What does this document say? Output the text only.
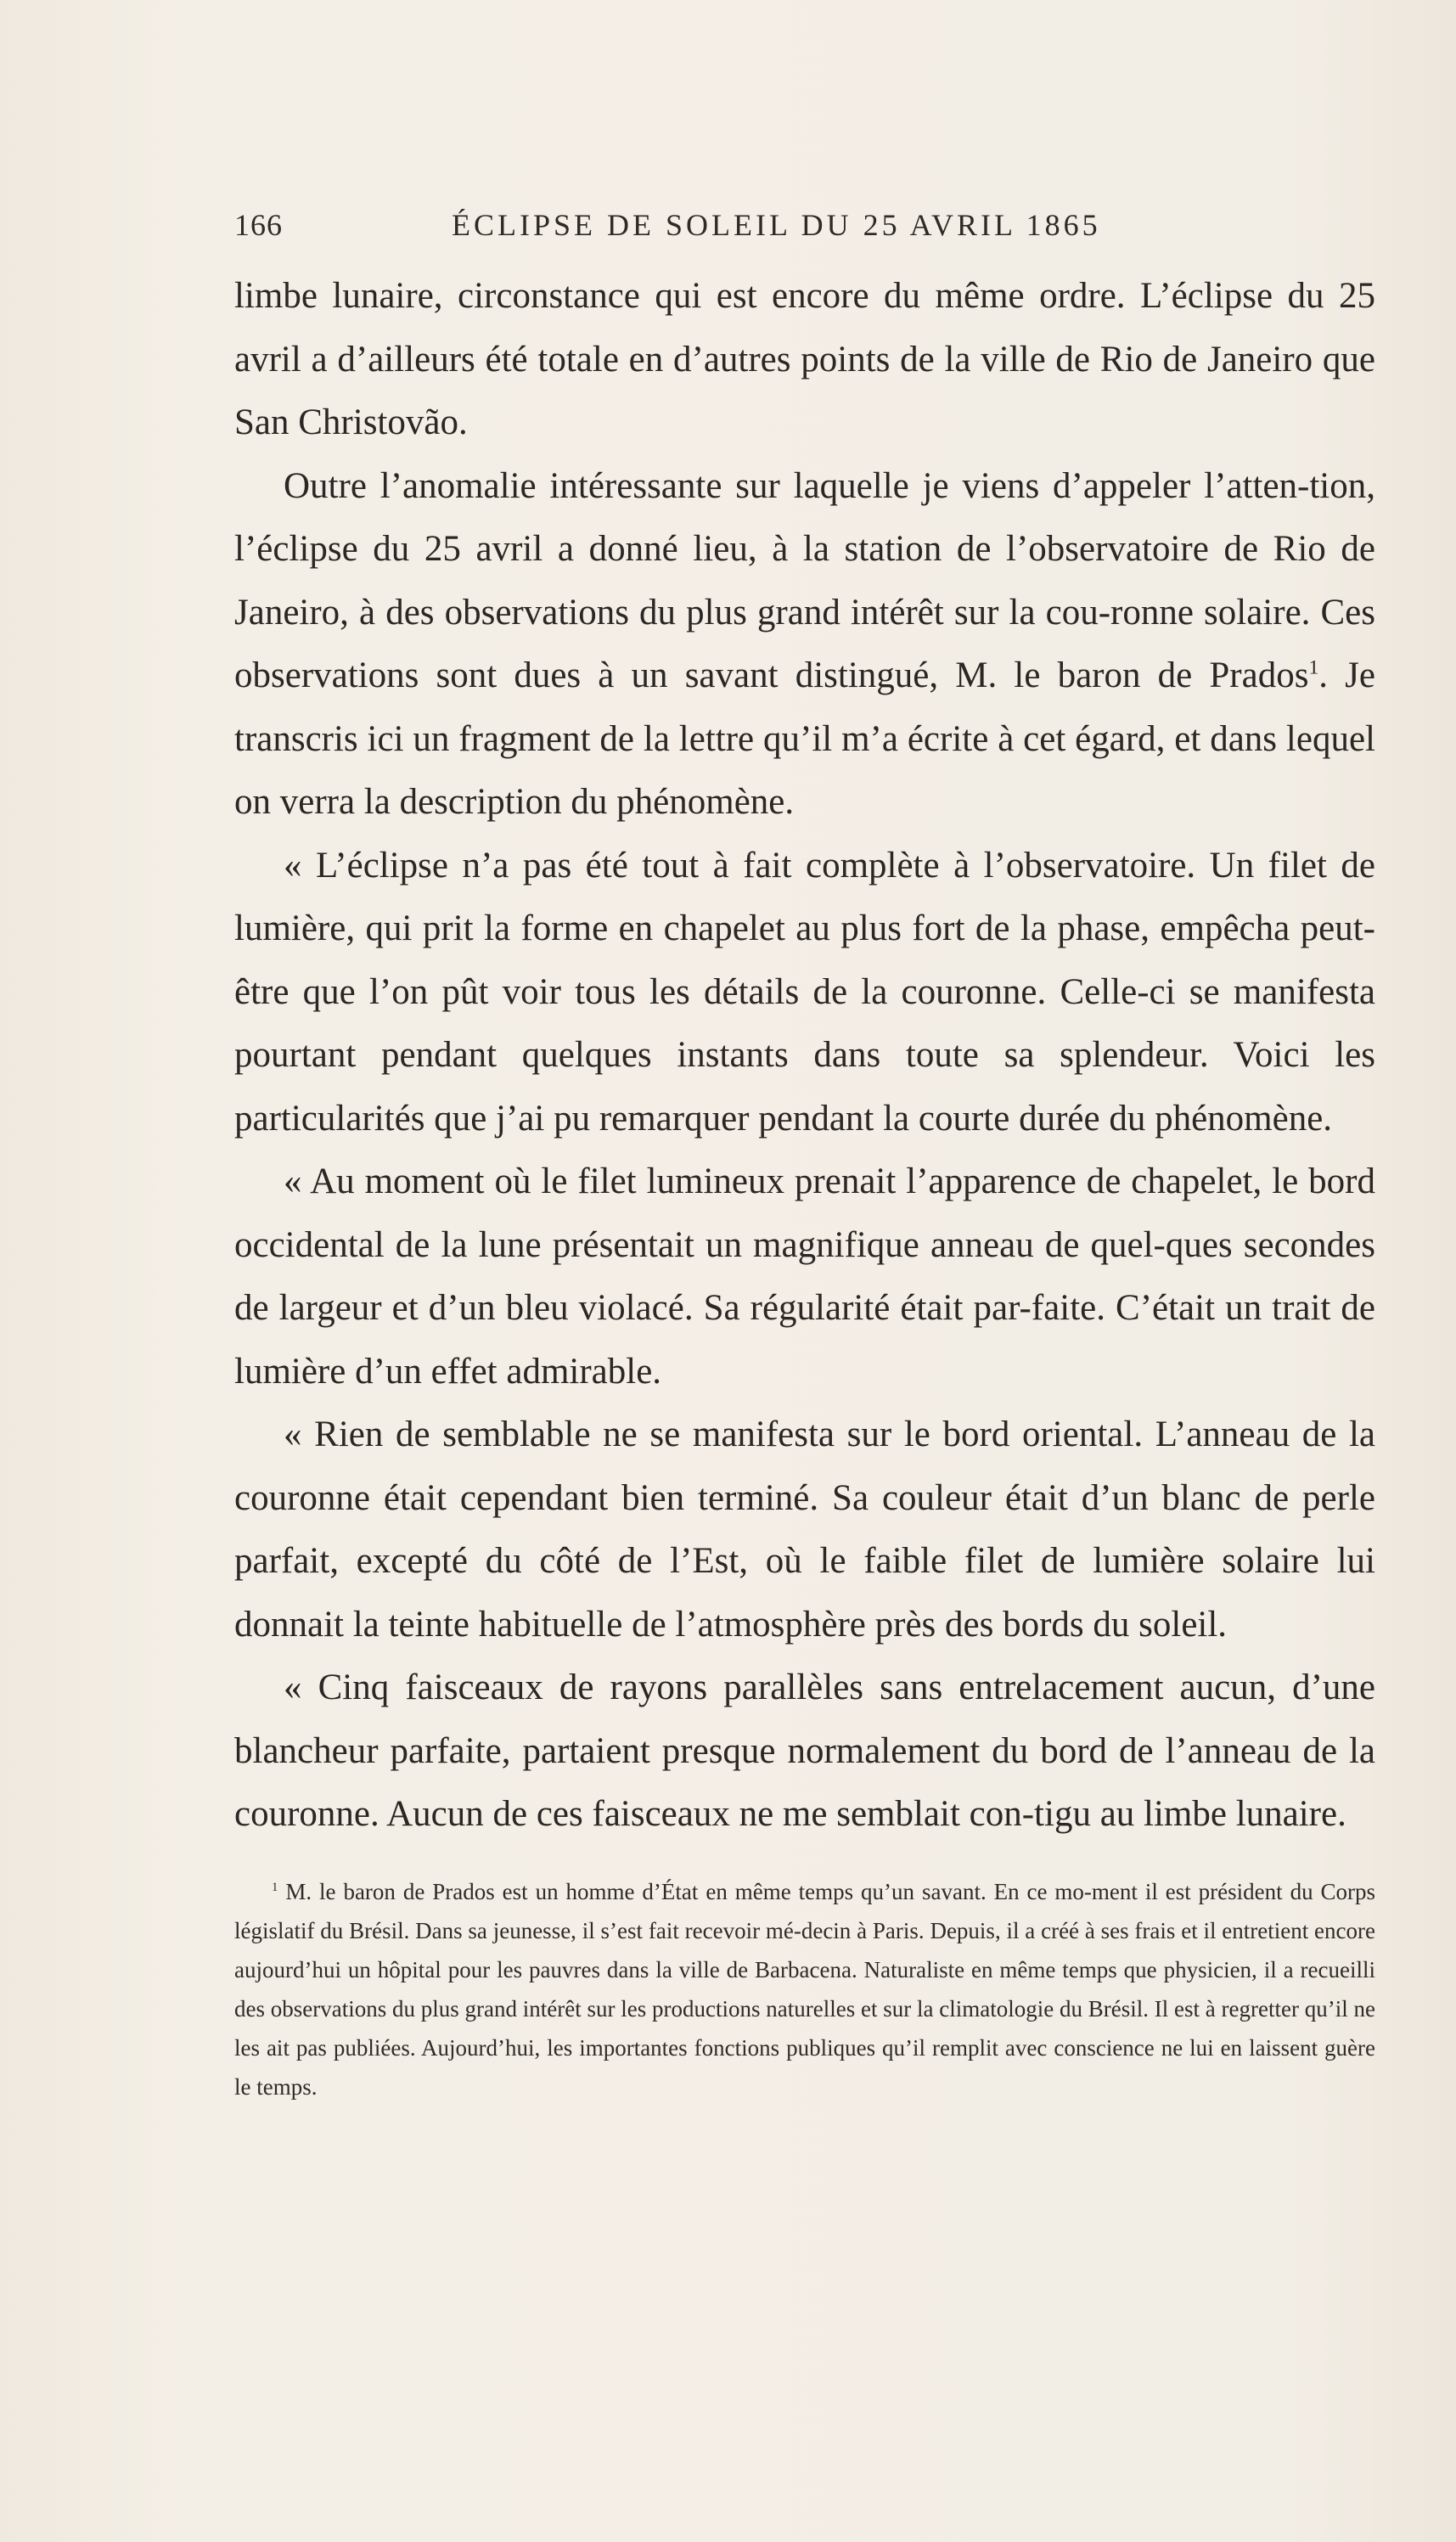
166	ÉCLIPSE DE SOLEIL DU 25 AVRIL 1865

limbe lunaire, circonstance qui est encore du même ordre. L’éclipse du 25 avril a d’ailleurs été totale en d’autres points de la ville de Rio de Janeiro que San Christovão.

Outre l’anomalie intéressante sur laquelle je viens d’appeler l’atten-tion, l’éclipse du 25 avril a donné lieu, à la station de l’observatoire de Rio de Janeiro, à des observations du plus grand intérêt sur la cou-ronne solaire. Ces observations sont dues à un savant distingué, M. le baron de Prados$^1$. Je transcris ici un fragment de la lettre qu’il m’a écrite à cet égard, et dans lequel on verra la description du phénomène.

« L’éclipse n’a pas été tout à fait complète à l’observatoire. Un filet de lumière, qui prit la forme en chapelet au plus fort de la phase, empêcha peut-être que l’on pût voir tous les détails de la couronne. Celle-ci se manifesta pourtant pendant quelques instants dans toute sa splendeur. Voici les particularités que j’ai pu remarquer pendant la courte durée du phénomène.

« Au moment où le filet lumineux prenait l’apparence de chapelet, le bord occidental de la lune présentait un magnifique anneau de quel-ques secondes de largeur et d’un bleu violacé. Sa régularité était par-faite. C’était un trait de lumière d’un effet admirable.

« Rien de semblable ne se manifesta sur le bord oriental. L’anneau de la couronne était cependant bien terminé. Sa couleur était d’un blanc de perle parfait, excepté du côté de l’Est, où le faible filet de lumière solaire lui donnait la teinte habituelle de l’atmosphère près des bords du soleil.

« Cinq faisceaux de rayons parallèles sans entrelacement aucun, d’une blancheur parfaite, partaient presque normalement du bord de l’anneau de la couronne. Aucun de ces faisceaux ne me semblait con-tigu au limbe lunaire.

$^1$ M. le baron de Prados est un homme d’État en même temps qu’un savant. En ce mo-ment il est président du Corps législatif du Brésil. Dans sa jeunesse, il s’est fait recevoir mé-decin à Paris. Depuis, il a créé à ses frais et il entretient encore aujourd’hui un hôpital pour les pauvres dans la ville de Barbacena. Naturaliste en même temps que physicien, il a recueilli des observations du plus grand intérêt sur les productions naturelles et sur la climatologie du Brésil. Il est à regretter qu’il ne les ait pas publiées. Aujourd’hui, les importantes fonctions publiques qu’il remplit avec conscience ne lui en laissent guère le temps.
